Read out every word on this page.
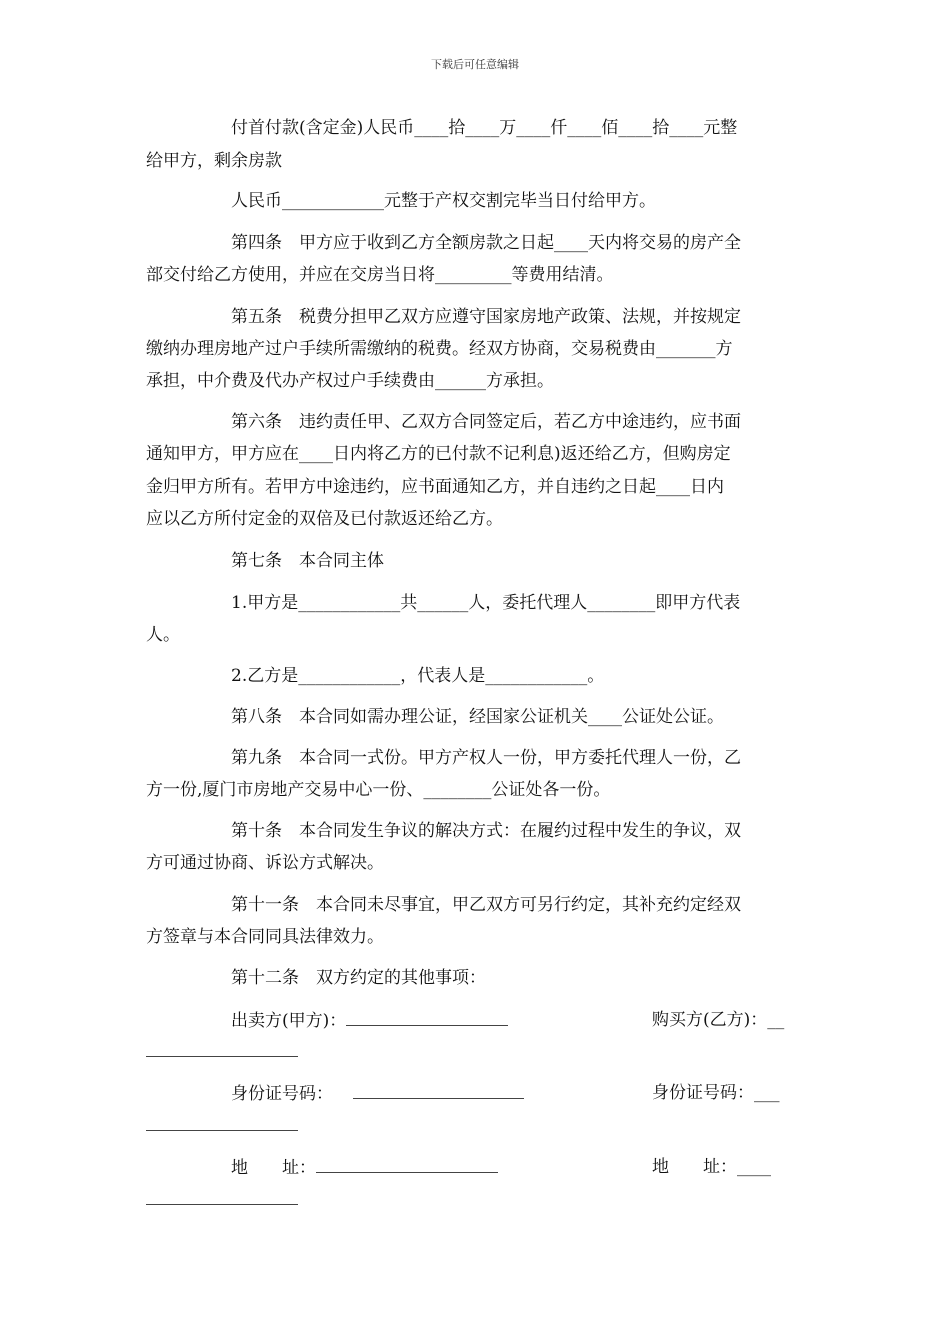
下载后可任意编辑
付首付款(含定金)人民币____拾____万____仟____佰____拾____元整
给甲方，剩余房款
人民币____________元整于产权交割完毕当日付给甲方。
第四条　甲方应于收到乙方全额房款之日起____天内将交易的房产全
部交付给乙方使用，并应在交房当日将_________等费用结清。
第五条　税费分担甲乙双方应遵守国家房地产政策、法规，并按规定
缴纳办理房地产过户手续所需缴纳的税费。经双方协商，交易税费由_______方
承担，中介费及代办产权过户手续费由______方承担。
第六条　违约责任甲、乙双方合同签定后，若乙方中途违约，应书面
通知甲方，甲方应在____日内将乙方的已付款不记利息)返还给乙方，但购房定
金归甲方所有。若甲方中途违约，应书面通知乙方，并自违约之日起____日内
应以乙方所付定金的双倍及已付款返还给乙方。
第七条　本合同主体
1.甲方是____________共______人，委托代理人________即甲方代表
人。
2.乙方是____________，代表人是____________。
第八条　本合同如需办理公证，经国家公证机关____公证处公证。
第九条　本合同一式份。甲方产权人一份，甲方委托代理人一份，乙
方一份,厦门市房地产交易中心一份、________公证处各一份。
第十条　本合同发生争议的解决方式：在履约过程中发生的争议，双
方可通过协商、诉讼方式解决。
第十一条　本合同未尽事宜，甲乙双方可另行约定，其补充约定经双
方签章与本合同同具法律效力。
第十二条　双方约定的其他事项：
出卖方(甲方)：	购买方(乙方)：__
身份证号码：	身份证号码：___
地　　址：	地　　址：____
